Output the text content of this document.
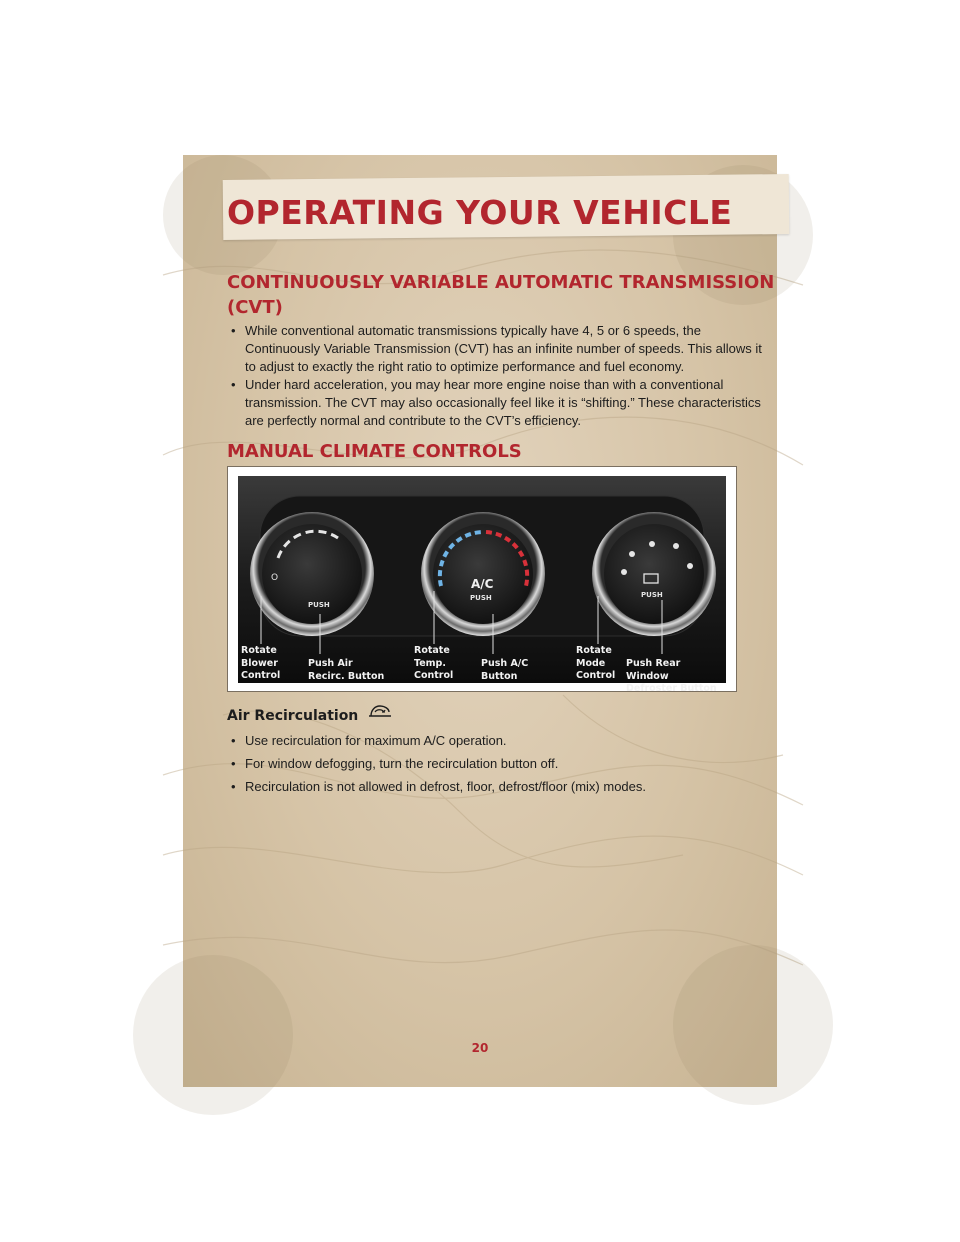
OPERATING YOUR VEHICLE
CONTINUOUSLY VARIABLE AUTOMATIC TRANSMISSION
(CVT)
• While conventional automatic transmissions typically have 4, 5 or 6 speeds, the Continuously Variable Transmission (CVT) has an infinite number of speeds. This allows it to adjust to exactly the right ratio to optimize performance and fuel economy.
• Under hard acceleration, you may hear more engine noise than with a conventional transmission. The CVT may also occasionally feel like it is “shifting.” These characteristics are perfectly normal and contribute to the CVT’s efficiency.
MANUAL CLIMATE CONTROLS
O
PUSH
A/C
PUSH	PUSH
Rotate
Blower
Control
Push Air
Recirc. Button
Rotate
Temp.
Control
Push A/C
Button
Rotate
Mode
Control
Push Rear Window
Defroster Button
Air Recirculation
• Use recirculation for maximum A/C operation.
• For window defogging, turn the recirculation button off.
• Recirculation is not allowed in defrost, floor, defrost/floor (mix) modes.
20
